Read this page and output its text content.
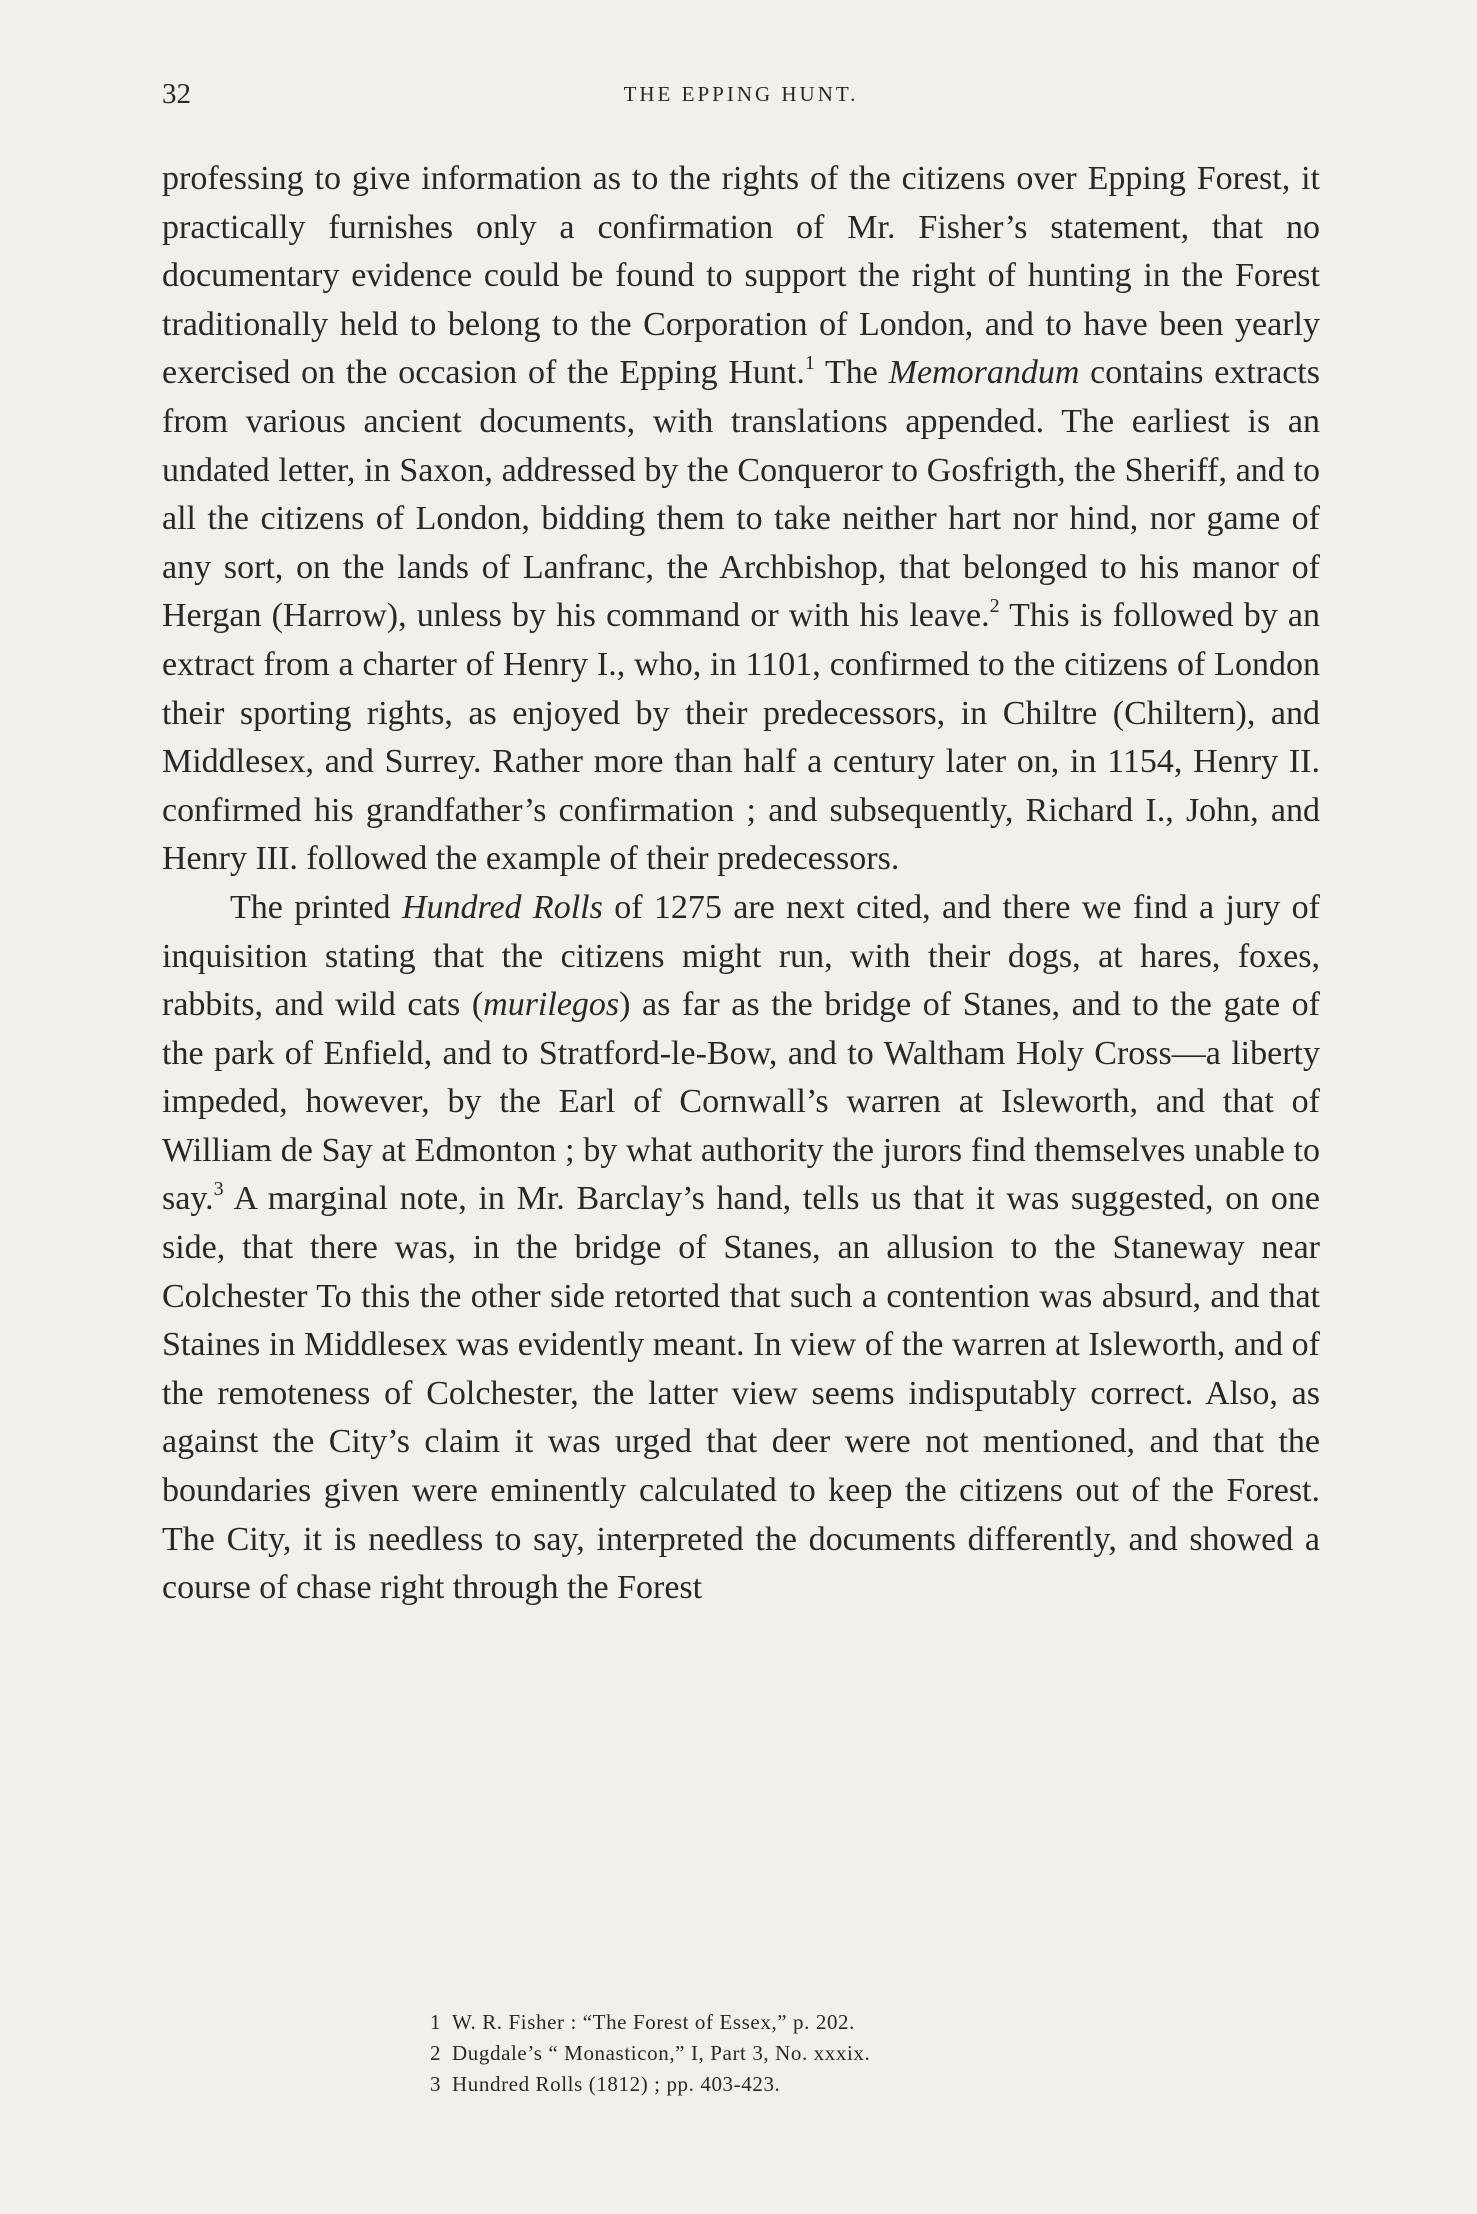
32	THE EPPING HUNT.

professing to give information as to the rights of the citizens over Epping Forest, it practically furnishes only a confirmation of Mr. Fisher’s statement, that no documentary evidence could be found to support the right of hunting in the Forest traditionally held to belong to the Corporation of London, and to have been yearly exercised on the occasion of the Epping Hunt.$^1$ The Memorandum contains extracts from various ancient documents, with translations appended. The earliest is an undated letter, in Saxon, addressed by the Conqueror to Gosfrigth, the Sheriff, and to all the citizens of London, bidding them to take neither hart nor hind, nor game of any sort, on the lands of Lanfranc, the Archbishop, that belonged to his manor of Hergan (Harrow), unless by his command or with his leave.$^2$ This is followed by an extract from a charter of Henry I., who, in 1101, confirmed to the citizens of London their sporting rights, as enjoyed by their predecessors, in Chiltre (Chiltern), and Middlesex, and Surrey. Rather more than half a century later on, in 1154, Henry II. confirmed his grandfather’s confirmation ; and subsequently, Richard I., John, and Henry III. followed the example of their predecessors.

The printed Hundred Rolls of 1275 are next cited, and there we find a jury of inquisition stating that the citizens might run, with their dogs, at hares, foxes, rabbits, and wild cats (murilegos) as far as the bridge of Stanes, and to the gate of the park of Enfield, and to Stratford-le-Bow, and to Waltham Holy Cross—a liberty impeded, however, by the Earl of Cornwall’s warren at Isleworth, and that of William de Say at Edmonton ; by what authority the jurors find themselves unable to say.$^3$ A marginal note, in Mr. Barclay’s hand, tells us that it was suggested, on one side, that there was, in the bridge of Stanes, an allusion to the Staneway near Colchester To this the other side retorted that such a contention was absurd, and that Staines in Middlesex was evidently meant. In view of the warren at Isleworth, and of the remoteness of Colchester, the latter view seems indisputably correct. Also, as against the City’s claim it was urged that deer were not mentioned, and that the boundaries given were eminently calculated to keep the citizens out of the Forest. The City, it is needless to say, interpreted the documents differently, and showed a course of chase right through the Forest

1 W. R. Fisher : “The Forest of Essex,” p. 202.
2 Dugdale’s “ Monasticon,” I, Part 3, No. xxxix.
3 Hundred Rolls (1812) ; pp. 403-423.
